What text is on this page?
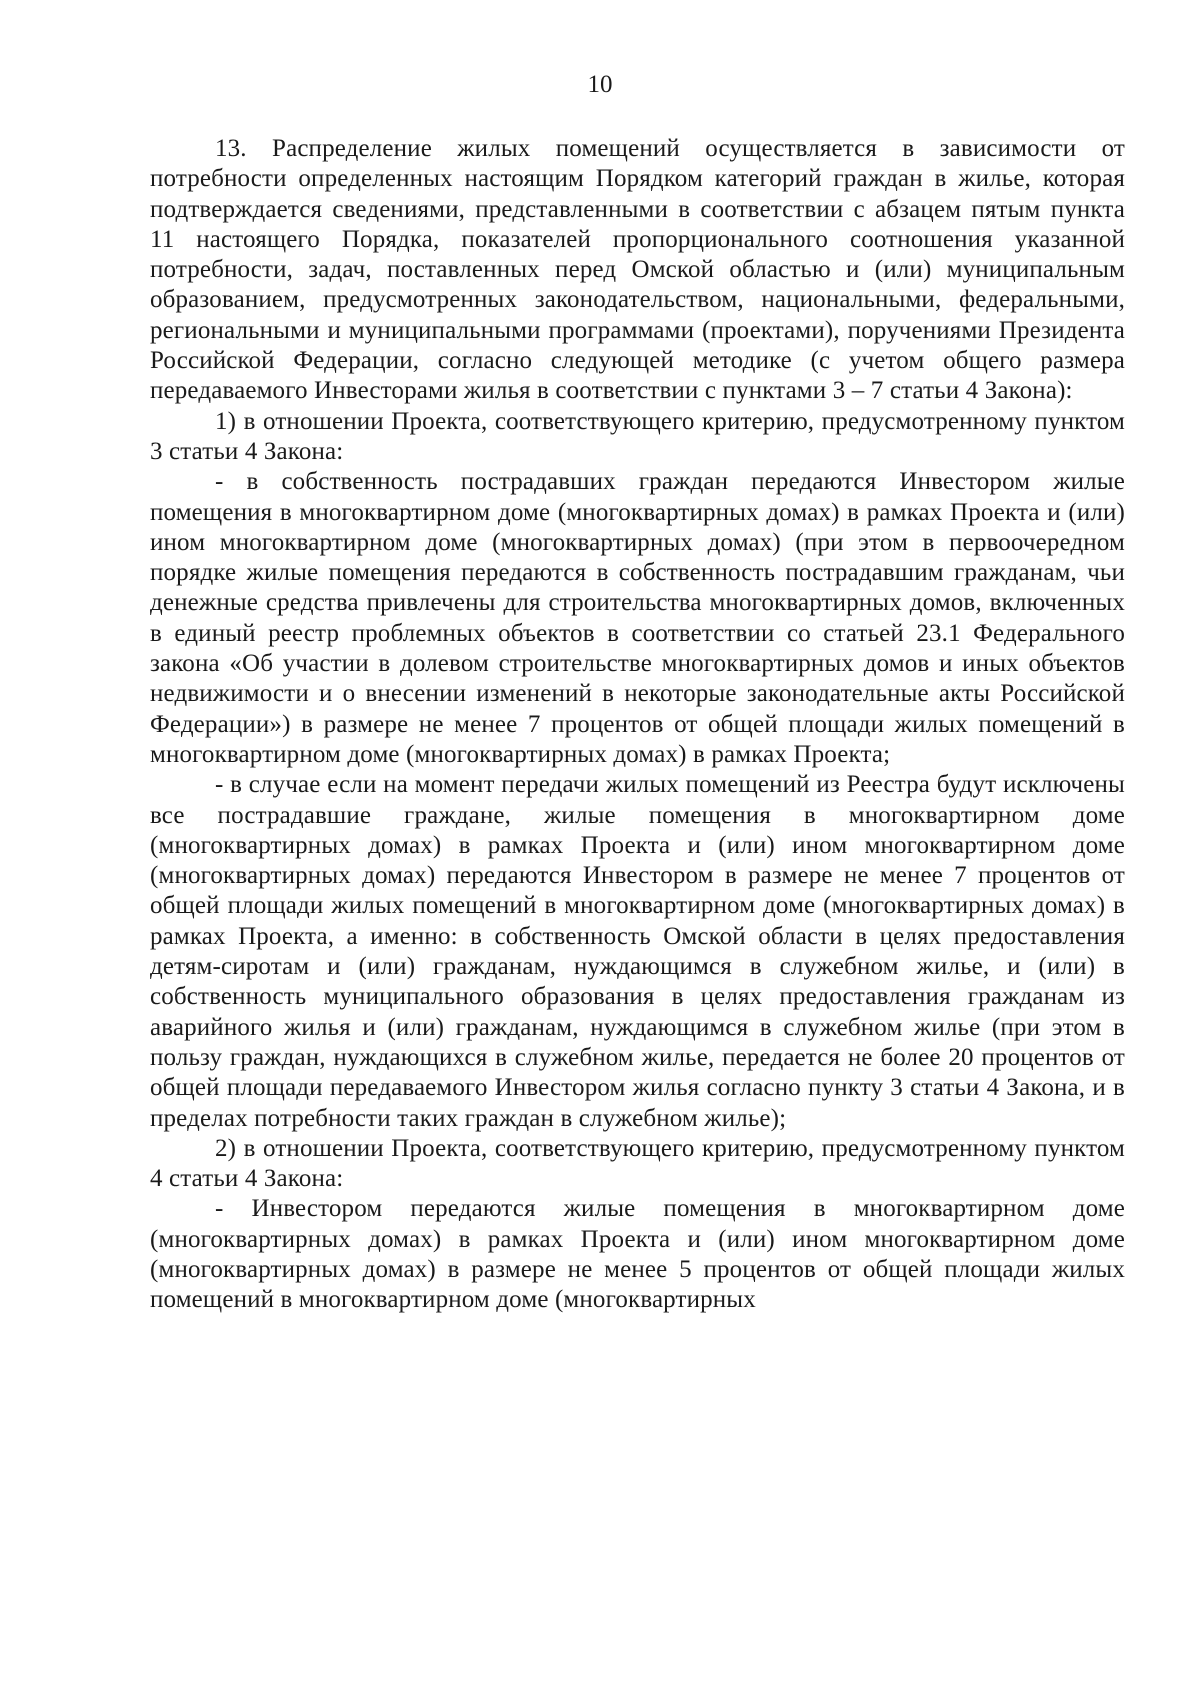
10

13. Распределение жилых помещений осуществляется в зависимости от потребности определенных настоящим Порядком категорий граждан в жилье, которая подтверждается сведениями, представленными в соответствии с абзацем пятым пункта 11 настоящего Порядка, показателей пропорционального соотношения указанной потребности, задач, поставленных перед Омской областью и (или) муниципальным образованием, предусмотренных законодательством, национальными, федеральными, региональными и муниципальными программами (проектами), поручениями Президента Российской Федерации, согласно следующей методике (с учетом общего размера передаваемого Инвесторами жилья в соответствии с пунктами 3 – 7 статьи 4 Закона):

1) в отношении Проекта, соответствующего критерию, предусмотренному пунктом 3 статьи 4 Закона:

- в собственность пострадавших граждан передаются Инвестором жилые помещения в многоквартирном доме (многоквартирных домах) в рамках Проекта и (или) ином многоквартирном доме (многоквартирных домах) (при этом в первоочередном порядке жилые помещения передаются в собственность пострадавшим гражданам, чьи денежные средства привлечены для строительства многоквартирных домов, включенных в единый реестр проблемных объектов в соответствии со статьей 23.1 Федерального закона «Об участии в долевом строительстве многоквартирных домов и иных объектов недвижимости и о внесении изменений в некоторые законодательные акты Российской Федерации») в размере не менее 7 процентов от общей площади жилых помещений в многоквартирном доме (многоквартирных домах) в рамках Проекта;

- в случае если на момент передачи жилых помещений из Реестра будут исключены все пострадавшие граждане, жилые помещения в многоквартирном доме (многоквартирных домах) в рамках Проекта и (или) ином многоквартирном доме (многоквартирных домах) передаются Инвестором в размере не менее 7 процентов от общей площади жилых помещений в многоквартирном доме (многоквартирных домах) в рамках Проекта, а именно: в собственность Омской области в целях предоставления детям-сиротам и (или) гражданам, нуждающимся в служебном жилье, и (или) в собственность муниципального образования в целях предоставления гражданам из аварийного жилья и (или) гражданам, нуждающимся в служебном жилье (при этом в пользу граждан, нуждающихся в служебном жилье, передается не более 20 процентов от общей площади передаваемого Инвестором жилья согласно пункту 3 статьи 4 Закона, и в пределах потребности таких граждан в служебном жилье);

2) в отношении Проекта, соответствующего критерию, предусмотренному пунктом 4 статьи 4 Закона:

- Инвестором передаются жилые помещения в многоквартирном доме (многоквартирных домах) в рамках Проекта и (или) ином многоквартирном доме (многоквартирных домах) в размере не менее 5 процентов от общей площади жилых помещений в многоквартирном доме (многоквартирных
